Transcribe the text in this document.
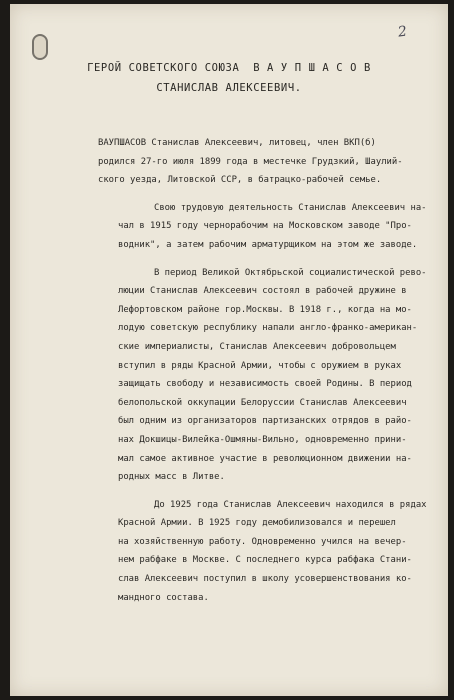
2
ГЕРОЙ СОВЕТСКОГО СОЮЗА  В А У П Ш А С О В
СТАНИСЛАВ АЛЕКСЕЕВИЧ.
ВАУПШАСОВ Станислав Алексеевич, литовец, член ВКП(б)
родился 27-го июля 1899 года в местечке Грудзкий, Шаулий-
ского уезда, Литовской ССР, в батрацко-рабочей семье.
Свою трудовую деятельность Станислав Алексеевич на-
чал в 1915 году чернорабочим на Московском заводе "Про-
водник", а затем рабочим арматурщиком на этом же заводе.
В период Великой Октябрьской социалистической рево-
люции Станислав Алексеевич состоял в рабочей дружине в
Лефортовском районе гор.Москвы. В 1918 г., когда на мо-
лодую советскую республику напали англо-франко-американ-
ские империалисты, Станислав Алексеевич добровольцем
вступил в ряды Красной Армии, чтобы с оружием в руках
защищать свободу и независимость своей Родины. В период
белопольской оккупации Белоруссии Станислав Алексеевич
был одним из организаторов партизанских отрядов в райо-
нах Докшицы-Вилейка-Ошмяны-Вильно, одновременно прини-
мал самое активное участие в революционном движении на-
родных масс в Литве.
До 1925 года Станислав Алексеевич находился в рядах
Красной Армии. В 1925 году демобилизовался и перешел
на хозяйственную работу. Одновременно учился на вечер-
нем рабфаке в Москве. С последнего курса рабфака Стани-
слав Алексеевич поступил в школу усовершенствования ко-
мандного состава.
